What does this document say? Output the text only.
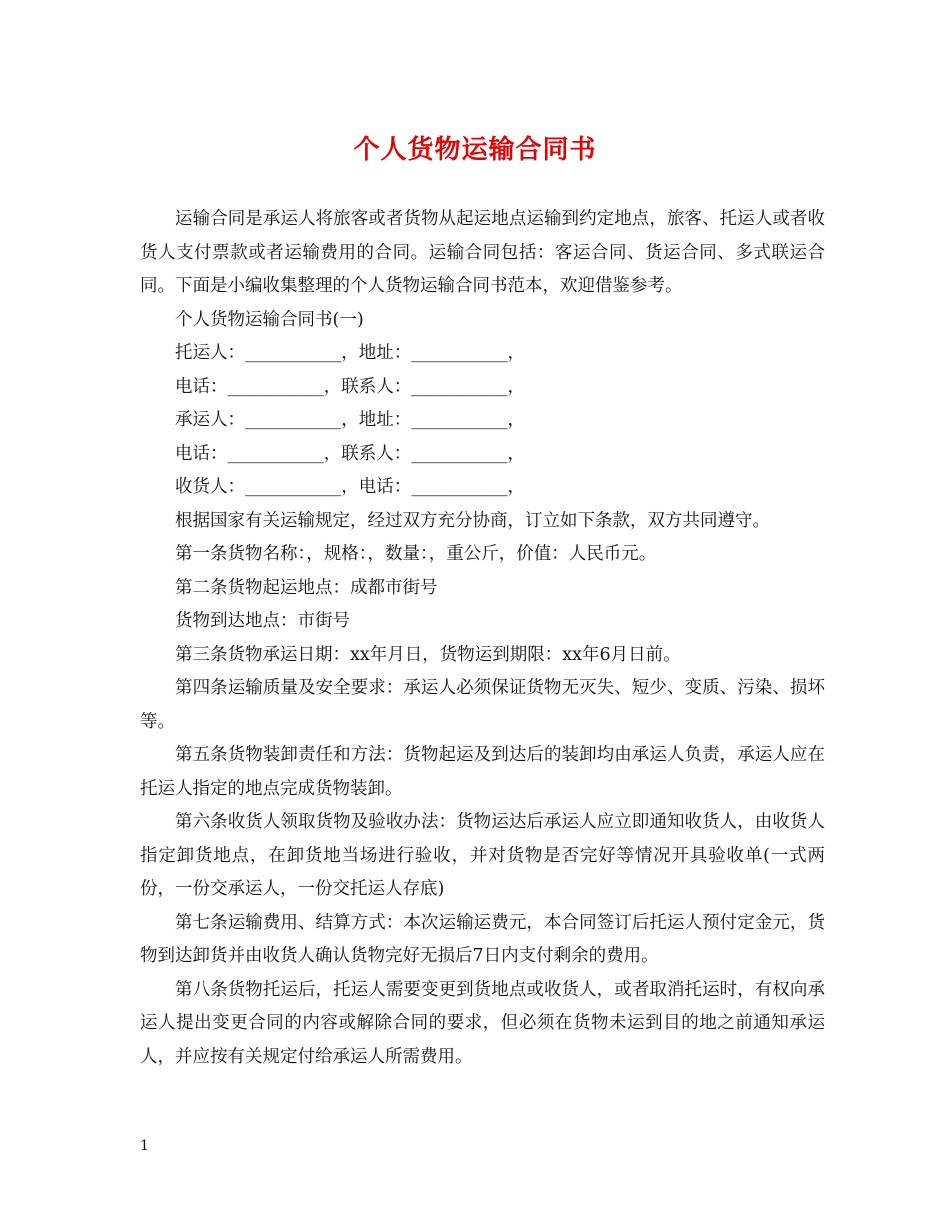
个人货物运输合同书

运输合同是承运人将旅客或者货物从起运地点运输到约定地点，旅客、托运人或者收货人支付票款或者运输费用的合同。运输合同包括：客运合同、货运合同、多式联运合同。下面是小编收集整理的个人货物运输合同书范本，欢迎借鉴参考。

个人货物运输合同书(一)

托运人：___________，地址：___________，

电话：___________，联系人：___________，

承运人：___________，地址：___________，

电话：___________，联系人：___________，

收货人：___________，电话：___________，

根据国家有关运输规定，经过双方充分协商，订立如下条款，双方共同遵守。

第一条货物名称：，规格：，数量：，重公斤，价值：人民币元。

第二条货物起运地点：成都市街号

货物到达地点：市街号

第三条货物承运日期：xx年月日，货物运到期限：xx年6月日前。

第四条运输质量及安全要求：承运人必须保证货物无灭失、短少、变质、污染、损坏等。

第五条货物装卸责任和方法：货物起运及到达后的装卸均由承运人负责，承运人应在托运人指定的地点完成货物装卸。

第六条收货人领取货物及验收办法：货物运达后承运人应立即通知收货人，由收货人指定卸货地点，在卸货地当场进行验收，并对货物是否完好等情况开具验收单(一式两份，一份交承运人，一份交托运人存底)

第七条运输费用、结算方式：本次运输运费元，本合同签订后托运人预付定金元，货物到达卸货并由收货人确认货物完好无损后7日内支付剩余的费用。

第八条货物托运后，托运人需要变更到货地点或收货人，或者取消托运时，有权向承运人提出变更合同的内容或解除合同的要求，但必须在货物未运到目的地之前通知承运人，并应按有关规定付给承运人所需费用。

1
